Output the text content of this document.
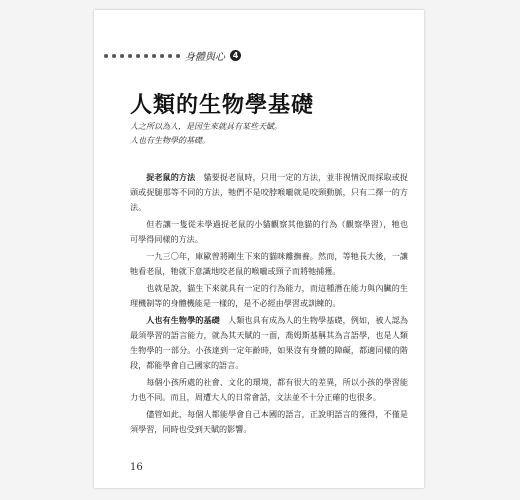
身體與心 4
人類的生物學基礎
人之所以為人，是因生來就具有某些天賦。
人也有生物學的基礎。

捉老鼠的方法　貓要捉老鼠時，只用一定的方法，並非視情況而採取或捉頭或捉腿那等不同的方法，牠們不是咬脖喉嚨就是咬頸動脈，只有二擇一的方法。

但若讓一隻從未學過捉老鼠的小貓觀察其他貓的行為（觀察學習），牠也可學得同樣的方法。

一九三〇年，庫歐曾將剛生下來的貓咪離撫養。然而，等牠長大後，一讓牠看老鼠，牠就下意識地咬老鼠的喉嚨或頸子而將牠捕獲。

也就是說，貓生下來就具有一定的行為能力，而這種潛在能力與內臟的生理機制等的身體機能是一樣的，是不必經由學習或訓練的。

人也有生物學的基礎　人類也具有成為人的生物學基礎，例如，被人認為最須學習的語言能力，就為其天賦的一面，喬姆斯基稱其為言語學，也是人類生物學的一部分。小孩達到一定年齡時，如果沒有身體的障礙，都適同樣的階段，都能學會自己國家的語言。

每個小孩所處的社會、文化的環境，都有很大的差異，所以小孩的學習能力也不同。而且，周遭大人的日常會話，文法並不十分正確的也很多。

儘管如此，每個人都能學會自己本國的語言，正說明語言的獲得，不僅是須學習，同時也受到天賦的影響。

16
